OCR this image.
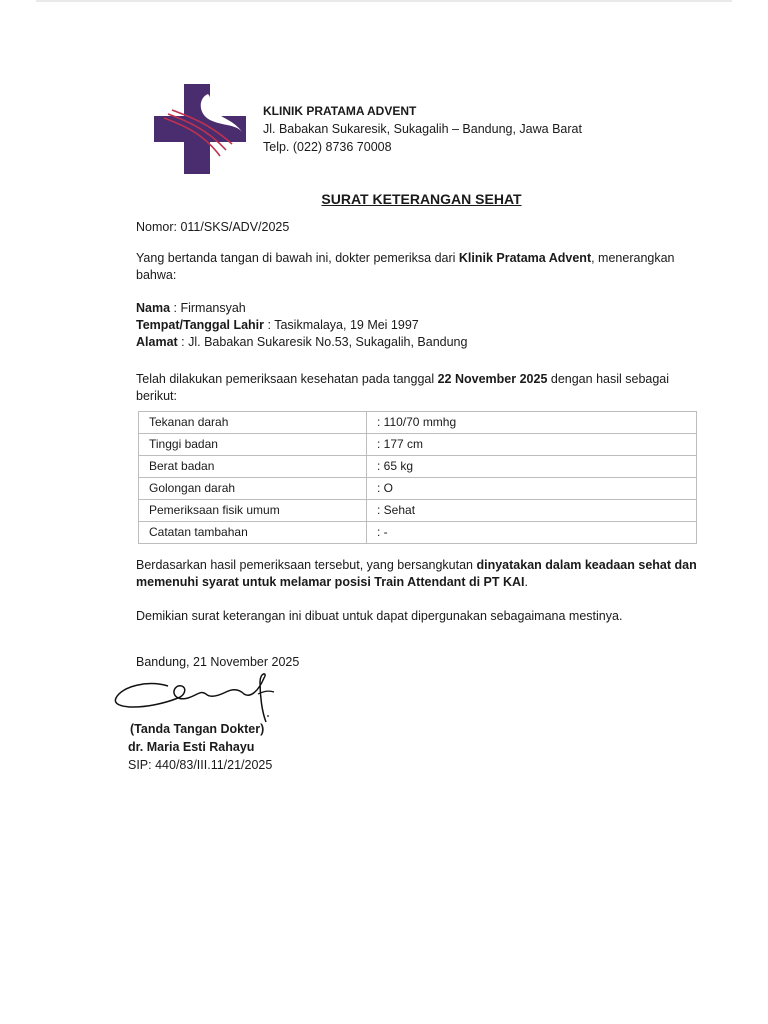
KLINIK PRATAMA ADVENT
Jl. Babakan Sukaresik, Sukagalih – Bandung, Jawa Barat
Telp. (022) 8736 70008
SURAT KETERANGAN SEHAT
Nomor: 011/SKS/ADV/2025
Yang bertanda tangan di bawah ini, dokter pemeriksa dari Klinik Pratama Advent, menerangkan bahwa:
Nama : Firmansyah
Tempat/Tanggal Lahir : Tasikmalaya, 19 Mei 1997
Alamat : Jl. Babakan Sukaresik No.53, Sukagalih, Bandung
Telah dilakukan pemeriksaan kesehatan pada tanggal 22 November 2025 dengan hasil sebagai berikut:
Tekanan darah	: 110/70 mmhg
Tinggi badan	: 177 cm
Berat badan	: 65 kg
Golongan darah	: O
Pemeriksaan fisik umum	: Sehat
Catatan tambahan	: -
Berdasarkan hasil pemeriksaan tersebut, yang bersangkutan dinyatakan dalam keadaan sehat dan memenuhi syarat untuk melamar posisi Train Attendant di PT KAI.
Demikian surat keterangan ini dibuat untuk dapat dipergunakan sebagaimana mestinya.
Bandung, 21 November 2025
(Tanda Tangan Dokter)
dr. Maria Esti Rahayu
SIP: 440/83/III.11/21/2025
